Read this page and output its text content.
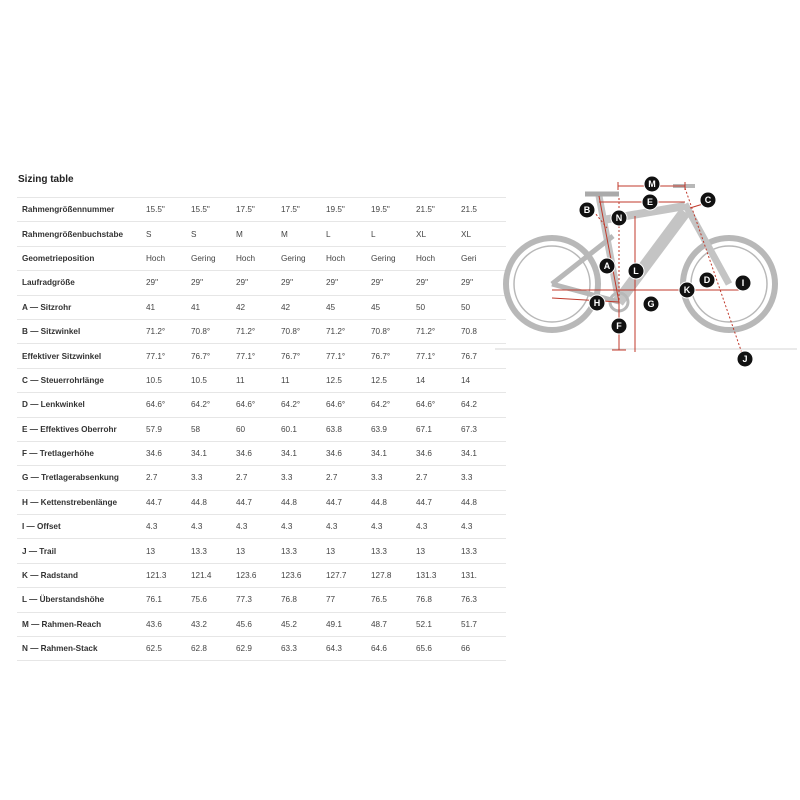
Sizing table
Rahmengrößennummer	15.5"	15.5"	17.5"	17.5"	19.5"	19.5"	21.5"	21.5
Rahmengrößenbuchstabe	S	S	M	M	L	L	XL	XL
Geometrieposition	Hoch	Gering	Hoch	Gering	Hoch	Gering	Hoch	Geri
Laufradgröße	29"	29"	29"	29"	29"	29"	29"	29"
A — Sitzrohr	41	41	42	42	45	45	50	50
B — Sitzwinkel	71.2°	70.8°	71.2°	70.8°	71.2°	70.8°	71.2°	70.8
Effektiver Sitzwinkel	77.1°	76.7°	77.1°	76.7°	77.1°	76.7°	77.1°	76.7
C — Steuerrohrlänge	10.5	10.5	11	11	12.5	12.5	14	14
D — Lenkwinkel	64.6°	64.2°	64.6°	64.2°	64.6°	64.2°	64.6°	64.2
E — Effektives Oberrohr	57.9	58	60	60.1	63.8	63.9	67.1	67.3
F — Tretlagerhöhe	34.6	34.1	34.6	34.1	34.6	34.1	34.6	34.1
G — Tretlagerabsenkung	2.7	3.3	2.7	3.3	2.7	3.3	2.7	3.3
H — Kettenstrebenlänge	44.7	44.8	44.7	44.8	44.7	44.8	44.7	44.8
I — Offset	4.3	4.3	4.3	4.3	4.3	4.3	4.3	4.3
J — Trail	13	13.3	13	13.3	13	13.3	13	13.3
K — Radstand	121.3	121.4	123.6	123.6	127.7	127.8	131.3	131.
L — Überstandshöhe	76.1	75.6	77.3	76.8	77	76.5	76.8	76.3
M — Rahmen-Reach	43.6	43.2	45.6	45.2	49.1	48.7	52.1	51.7
N — Rahmen-Stack	62.5	62.8	62.9	63.3	64.3	64.6	65.6	66
M
C
B
N
E
A	L
D	I
K
H	G
F
J
